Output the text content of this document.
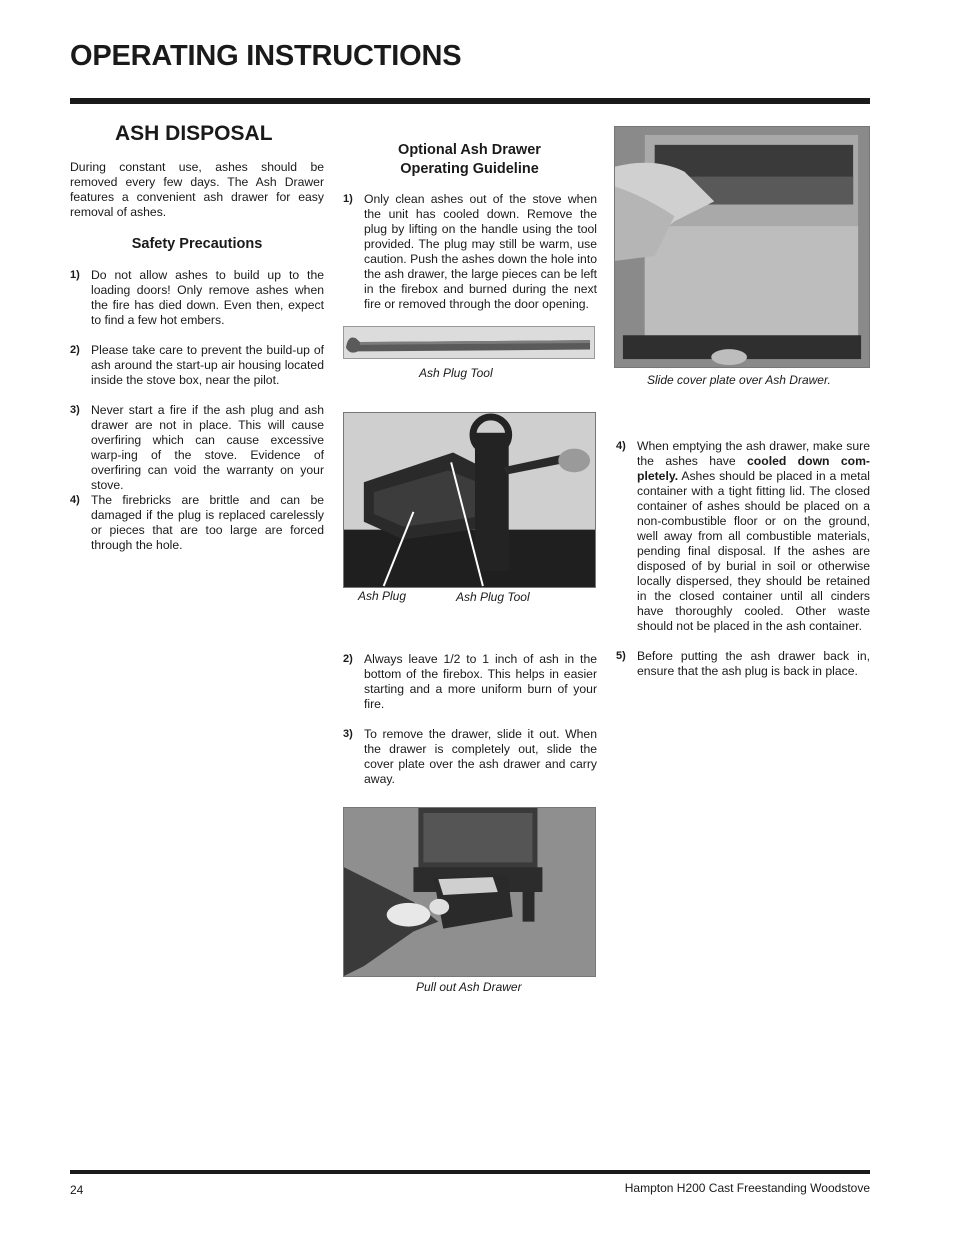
OPERATING INSTRUCTIONS
ASH DISPOSAL
During constant use, ashes should be removed every few days. The Ash Drawer features a convenient ash drawer for easy removal of ashes.
Safety Precautions
1) Do not allow ashes to build up to the loading doors! Only remove ashes when the fire has died down. Even then, expect to find a few hot embers.
2) Please take care to prevent the build-up of ash around the start-up air housing located inside the stove box, near the pilot.
3) Never start a fire if the ash plug and ash drawer are not in place. This will cause overfiring which can cause excessive warp-ing of the stove. Evidence of overfiring can void the warranty on your stove.
4) The firebricks are brittle and can be damaged if the plug is replaced carelessly or pieces that are too large are forced through the hole.
Optional Ash Drawer
Operating Guideline
1) Only clean ashes out of the stove when the unit has cooled down. Remove the plug by lifting on the handle using the tool provided. The plug may still be warm, use caution. Push the ashes down the hole into the ash drawer, the large pieces can be left in the firebox and burned during the next fire or removed through the door opening.
Ash Plug Tool
Ash Plug	Ash Plug Tool
2) Always leave 1/2 to 1 inch of ash in the bottom of the firebox. This helps in easier starting and a more uniform burn of your fire.
3) To remove the drawer, slide it out. When the drawer is completely out, slide the cover plate over the ash drawer and carry away.
Pull out Ash Drawer
Slide cover plate over Ash Drawer.
4) When emptying the ash drawer, make sure the ashes have cooled down com-pletely. Ashes should be placed in a metal container with a tight fitting lid. The closed container of ashes should be placed on a non-combustible floor or on the ground, well away from all combustible materials, pending final disposal. If the ashes are disposed of by burial in soil or otherwise locally dispersed, they should be retained in the closed container until all cinders have thoroughly cooled. Other waste should not be placed in the ash container.
5) Before putting the ash drawer back in, ensure that the ash plug is back in place.
24	Hampton H200 Cast Freestanding Woodstove
